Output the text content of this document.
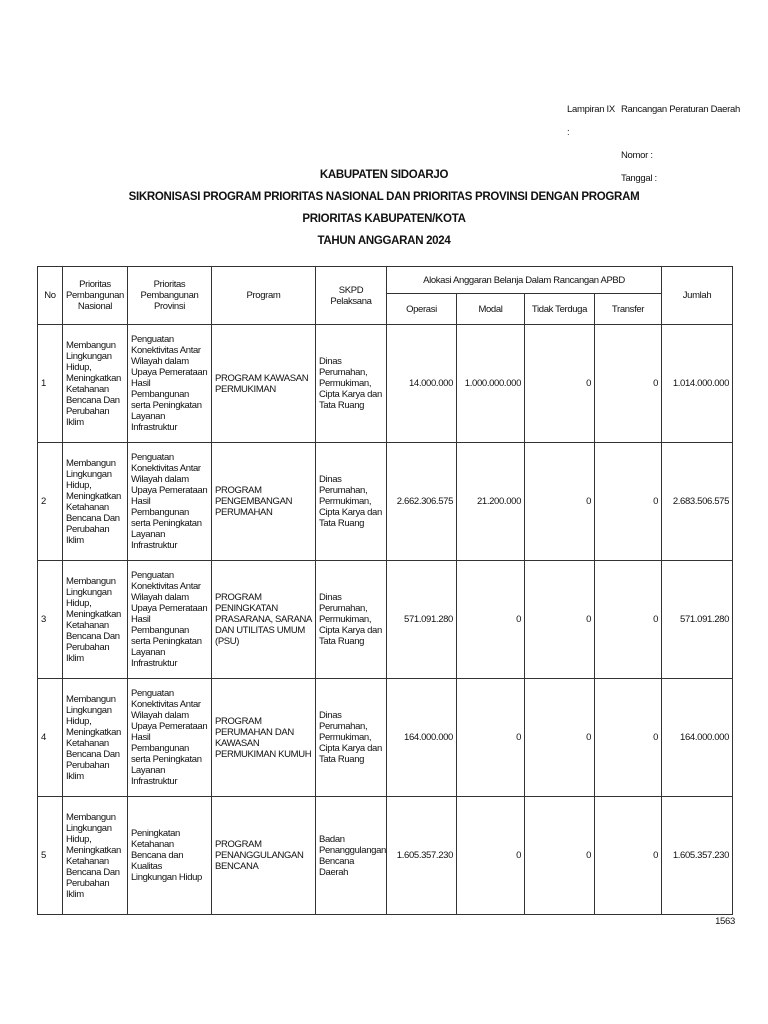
Lampiran IX :
Rancangan Peraturan Daerah
Nomor :
Tanggal :
KABUPATEN SIDOARJO
SIKRONISASI PROGRAM PRIORITAS NASIONAL DAN PRIORITAS PROVINSI DENGAN PROGRAM
PRIORITAS KABUPATEN/KOTA
TAHUN ANGGARAN 2024
No	Prioritas Pembangunan Nasional	Prioritas Pembangunan Provinsi	Program	SKPD Pelaksana	Alokasi Anggaran Belanja Dalam Rancangan APBD				Jumlah
					Operasi	Modal	Tidak Terduga	Transfer	
1	Membangun Lingkungan Hidup, Meningkatkan Ketahanan Bencana Dan Perubahan Iklim	Penguatan Konektivitas Antar Wilayah dalam Upaya Pemerataan Hasil Pembangunan serta Peningkatan Layanan Infrastruktur	PROGRAM KAWASAN PERMUKIMAN	Dinas Perumahan, Permukiman, Cipta Karya dan Tata Ruang	14.000.000	1.000.000.000	0	0	1.014.000.000
2	Membangun Lingkungan Hidup, Meningkatkan Ketahanan Bencana Dan Perubahan Iklim	Penguatan Konektivitas Antar Wilayah dalam Upaya Pemerataan Hasil Pembangunan serta Peningkatan Layanan Infrastruktur	PROGRAM PENGEMBANGAN PERUMAHAN	Dinas Perumahan, Permukiman, Cipta Karya dan Tata Ruang	2.662.306.575	21.200.000	0	0	2.683.506.575
3	Membangun Lingkungan Hidup, Meningkatkan Ketahanan Bencana Dan Perubahan Iklim	Penguatan Konektivitas Antar Wilayah dalam Upaya Pemerataan Hasil Pembangunan serta Peningkatan Layanan Infrastruktur	PROGRAM PENINGKATAN PRASARANA, SARANA DAN UTILITAS UMUM (PSU)	Dinas Perumahan, Permukiman, Cipta Karya dan Tata Ruang	571.091.280	0	0	0	571.091.280
4	Membangun Lingkungan Hidup, Meningkatkan Ketahanan Bencana Dan Perubahan Iklim	Penguatan Konektivitas Antar Wilayah dalam Upaya Pemerataan Hasil Pembangunan serta Peningkatan Layanan Infrastruktur	PROGRAM PERUMAHAN DAN KAWASAN PERMUKIMAN KUMUH	Dinas Perumahan, Permukiman, Cipta Karya dan Tata Ruang	164.000.000	0	0	0	164.000.000
5	Membangun Lingkungan Hidup, Meningkatkan Ketahanan Bencana Dan Perubahan Iklim	Peningkatan Ketahanan Bencana dan Kualitas Lingkungan Hidup	PROGRAM PENANGGULANGAN BENCANA	Badan Penanggulangan Bencana Daerah	1.605.357.230	0	0	0	1.605.357.230
1563
